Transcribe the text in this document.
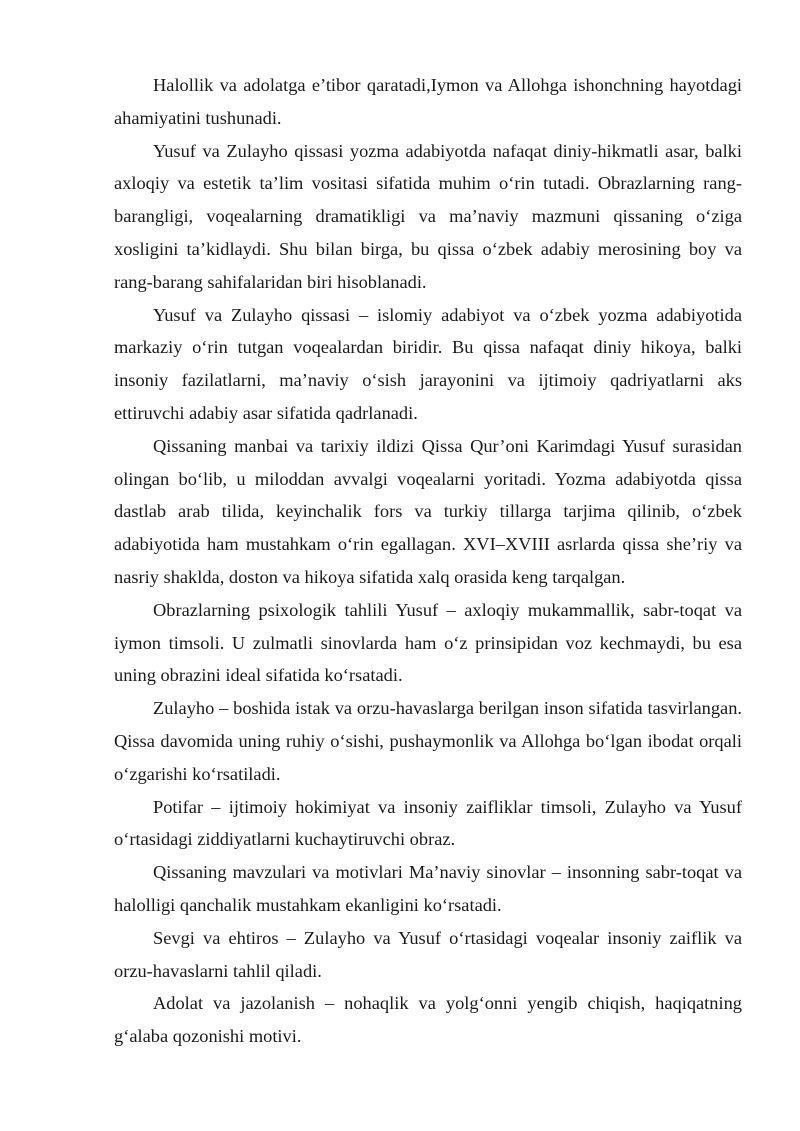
Halollik va adolatga e’tibor qaratadi,Iymon va Allohga ishonchning hayotdagi ahamiyatini tushunadi.

Yusuf va Zulayho qissasi yozma adabiyotda nafaqat diniy-hikmatli asar, balki axloqiy va estetik ta’lim vositasi sifatida muhim o‘rin tutadi. Obrazlarning rang-barangligi, voqealarning dramatikligi va ma’naviy mazmuni qissaning o‘ziga xosligini ta’kidlaydi. Shu bilan birga, bu qissa o‘zbek adabiy merosining boy va rang-barang sahifalaridan biri hisoblanadi.

Yusuf va Zulayho qissasi – islomiy adabiyot va o‘zbek yozma adabiyotida markaziy o‘rin tutgan voqealardan biridir. Bu qissa nafaqat diniy hikoya, balki insoniy fazilatlarni, ma’naviy o‘sish jarayonini va ijtimoiy qadriyatlarni aks ettiruvchi adabiy asar sifatida qadrlanadi.

Qissaning manbai va tarixiy ildizi Qissa Qur’oni Karimdagi Yusuf surasidan olingan bo‘lib, u miloddan avvalgi voqealarni yoritadi. Yozma adabiyotda qissa dastlab arab tilida, keyinchalik fors va turkiy tillarga tarjima qilinib, o‘zbek adabiyotida ham mustahkam o‘rin egallagan. XVI–XVIII asrlarda qissa she’riy va nasriy shaklda, doston va hikoya sifatida xalq orasida keng tarqalgan.

Obrazlarning psixologik tahlili Yusuf – axloqiy mukammallik, sabr-toqat va iymon timsoli. U zulmatli sinovlarda ham o‘z prinsipidan voz kechmaydi, bu esa uning obrazini ideal sifatida ko‘rsatadi.

Zulayho – boshida istak va orzu-havaslarga berilgan inson sifatida tasvirlangan. Qissa davomida uning ruhiy o‘sishi, pushaymonlik va Allohga bo‘lgan ibodat orqali o‘zgarishi ko‘rsatiladi.

Potifar – ijtimoiy hokimiyat va insoniy zaifliklar timsoli, Zulayho va Yusuf o‘rtasidagi ziddiyatlarni kuchaytiruvchi obraz.

Qissaning mavzulari va motivlari Ma’naviy sinovlar – insonning sabr-toqat va halolligi qanchalik mustahkam ekanligini ko‘rsatadi.

Sevgi va ehtiros – Zulayho va Yusuf o‘rtasidagi voqealar insoniy zaiflik va orzu-havaslarni tahlil qiladi.

Adolat va jazolanish – nohaqlik va yolg‘onni yengib chiqish, haqiqatning g‘alaba qozonishi motivi.
